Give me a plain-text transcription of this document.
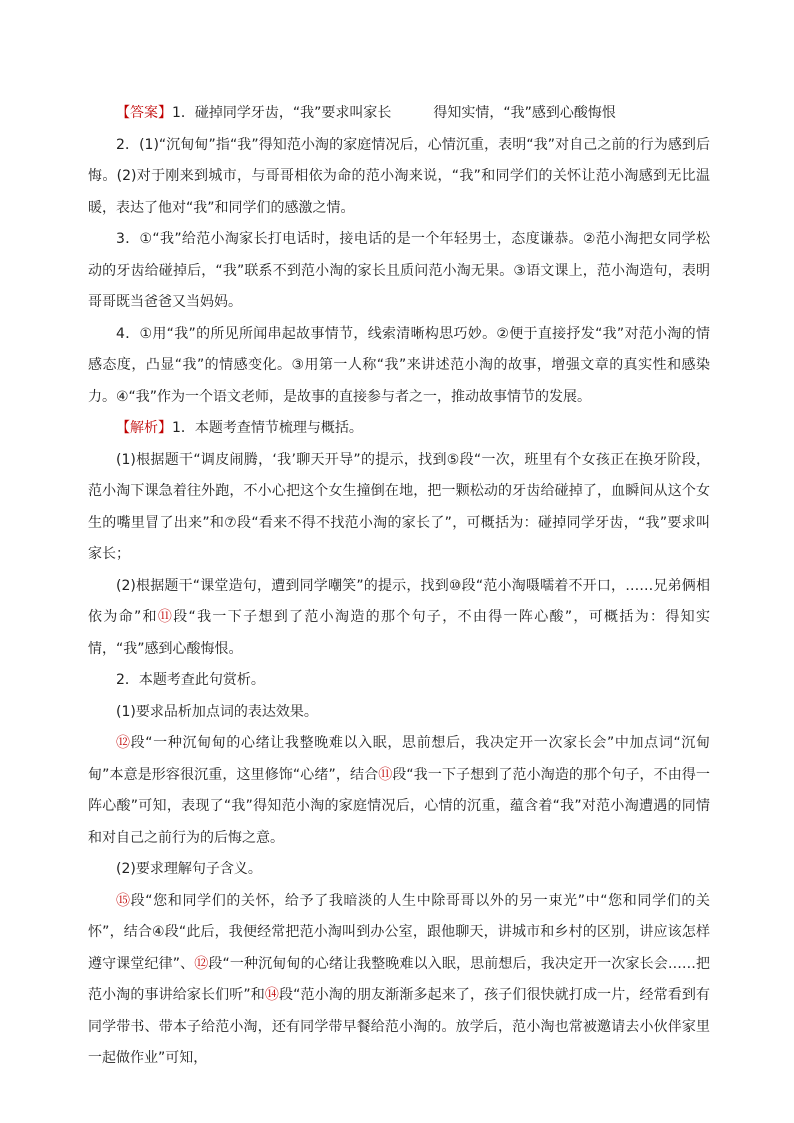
【答案】1．碰掉同学牙齿，“我”要求叫家长　　　得知实情，“我”感到心酸悔恨

2．(1)“沉甸甸”指“我”得知范小淘的家庭情况后，心情沉重，表明“我”对自己之前的行为感到后悔。(2)对于刚来到城市，与哥哥相依为命的范小淘来说，“我”和同学们的关怀让范小淘感到无比温暖，表达了他对“我”和同学们的感激之情。

3．①“我”给范小淘家长打电话时，接电话的是一个年轻男士，态度谦恭。②范小淘把女同学松动的牙齿给碰掉后，“我”联系不到范小淘的家长且质问范小淘无果。③语文课上，范小淘造句，表明哥哥既当爸爸又当妈妈。

4．①用“我”的所见所闻串起故事情节，线索清晰构思巧妙。②便于直接抒发“我”对范小淘的情感态度，凸显“我”的情感变化。③用第一人称“我”来讲述范小淘的故事，增强文章的真实性和感染力。④“我”作为一个语文老师，是故事的直接参与者之一，推动故事情节的发展。

【解析】1．本题考查情节梳理与概括。

(1)根据题干“调皮闹腾，‘我’聊天开导”的提示，找到⑤段“一次，班里有个女孩正在换牙阶段，范小淘下课急着往外跑，不小心把这个女生撞倒在地，把一颗松动的牙齿给碰掉了，血瞬间从这个女生的嘴里冒了出来”和⑦段“看来不得不找范小淘的家长了”，可概括为：碰掉同学牙齿，“我”要求叫家长；

(2)根据题干“课堂造句，遭到同学嘲笑”的提示，找到⑩段“范小淘嗫嚅着不开口，……兄弟俩相依为命”和⑪段“我一下子想到了范小淘造的那个句子，不由得一阵心酸”，可概括为：得知实情，“我”感到心酸悔恨。

2．本题考查此句赏析。

(1)要求品析加点词的表达效果。

⑫段“一种沉甸甸的心绪让我整晚难以入眠，思前想后，我决定开一次家长会”中加点词“沉甸甸”本意是形容很沉重，这里修饰“心绪”，结合⑪段“我一下子想到了范小淘造的那个句子，不由得一阵心酸”可知，表现了“我”得知范小淘的家庭情况后，心情的沉重，蕴含着“我”对范小淘遭遇的同情和对自己之前行为的后悔之意。

(2)要求理解句子含义。

⑮段“您和同学们的关怀，给予了我暗淡的人生中除哥哥以外的另一束光”中“您和同学们的关怀”，结合④段“此后，我便经常把范小淘叫到办公室，跟他聊天，讲城市和乡村的区别，讲应该怎样遵守课堂纪律”、⑫段“一种沉甸甸的心绪让我整晚难以入眠，思前想后，我决定开一次家长会……把范小淘的事讲给家长们听”和⑭段“范小淘的朋友渐渐多起来了，孩子们很快就打成一片，经常看到有同学带书、带本子给范小淘，还有同学带早餐给范小淘的。放学后，范小淘也常被邀请去小伙伴家里一起做作业”可知，
